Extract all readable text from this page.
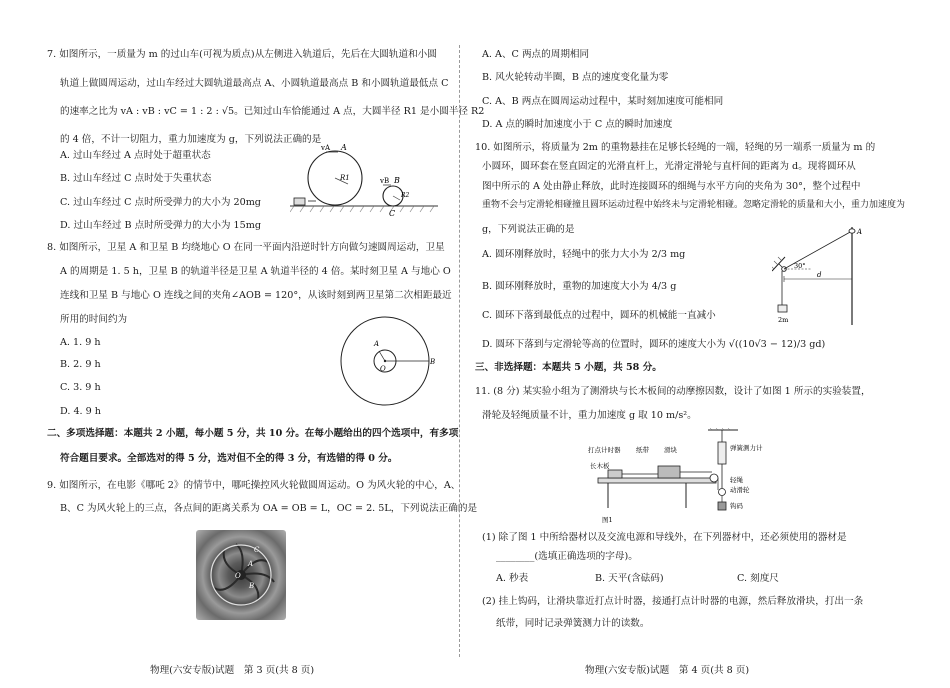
7. 如图所示，一质量为 m 的过山车(可视为质点)从左侧进入轨道后，先后在大圆轨道和小圆
轨道上做圆周运动，过山车经过大圆轨道最高点 A、小圆轨道最高点 B 和小圆轨道最低点 C
的速率之比为 vA : vB : vC = 1 : 2 : √5。已知过山车恰能通过 A 点，大圆半径 R1 是小圆半径 R2
的 4 倍，不计一切阻力，重力加速度为 g，下列说法正确的是
A. 过山车经过 A 点时处于超重状态
B. 过山车经过 C 点时处于失重状态
C. 过山车经过 C 点时所受弹力的大小为 20mg
D. 过山车经过 B 点时所受弹力的大小为 15mg
vA A
R1	vB B
R2
C
8. 如图所示，卫星 A 和卫星 B 均绕地心 O 在同一平面内沿逆时针方向做匀速圆周运动，卫星
A 的周期是 1. 5 h，卫星 B 的轨道半径是卫星 A 轨道半径的 4 倍。某时刻卫星 A 与地心 O
连线和卫星 B 与地心 O 连线之间的夹角∠AOB = 120°，从该时刻到两卫星第二次相距最近
所用的时间约为
A. 1. 9 h
B. 2. 9 h
C. 3. 9 h
D. 4. 9 h
A
O
B
二、多项选择题：本题共 2 小题，每小题 5 分，共 10 分。在每小题给出的四个选项中，有多项
符合题目要求。全部选对的得 5 分，选对但不全的得 3 分，有选错的得 0 分。
9. 如图所示，在电影《哪吒 2》的情节中，哪吒操控风火轮做圆周运动。O 为风火轮的中心，A、
B、C 为风火轮上的三点，各点间的距离关系为 OA = OB = L，OC = 2. 5L，下列说法正确的是
C
A
O
B
物理(六安专版)试题　第 3 页(共 8 页)
A. A、C 两点的周期相同
B. 风火轮转动半圈，B 点的速度变化量为零
C. A、B 两点在圆周运动过程中，某时刻加速度可能相同
D. A 点的瞬时加速度小于 C 点的瞬时加速度
10. 如图所示，将质量为 2m 的重物悬挂在足够长轻绳的一端，轻绳的另一端系一质量为 m 的
小圆环，圆环套在竖直固定的光滑直杆上，光滑定滑轮与直杆间的距离为 d。现将圆环从
图中所示的 A 处由静止释放，此时连接圆环的细绳与水平方向的夹角为 30°，整个过程中
重物不会与定滑轮相碰撞且圆环运动过程中始终未与定滑轮相碰。忽略定滑轮的质量和大小，重力加速度为
g，下列说法正确的是
A. 圆环刚释放时，轻绳中的张力大小为 2/3 mg
B. 圆环刚释放时，重物的加速度大小为 4/3 g
C. 圆环下落到最低点的过程中，圆环的机械能一直减小
D. 圆环下落到与定滑轮等高的位置时，圆环的速度大小为 √((10√3 − 12)/3 gd)
A
30°
d
2m
三、非选择题：本题共 5 小题，共 58 分。
11. (8 分) 某实验小组为了测滑块与长木板间的动摩擦因数，设计了如图 1 所示的实验装置，
滑轮及轻绳质量不计，重力加速度 g 取 10 m/s²。
打点计时器 纸带 滑块
长木板
弹簧测力计
轻绳
动滑轮
钩码
图1
(1) 除了图 1 中所给器材以及交流电源和导线外，在下列器材中，还必须使用的器材是
________(选填正确选项的字母)。
A. 秒表	B. 天平(含砝码)	C. 刻度尺
(2) 挂上钩码，让滑块靠近打点计时器，接通打点计时器的电源，然后释放滑块，打出一条
纸带，同时记录弹簧测力计的读数。
物理(六安专版)试题　第 4 页(共 8 页)
